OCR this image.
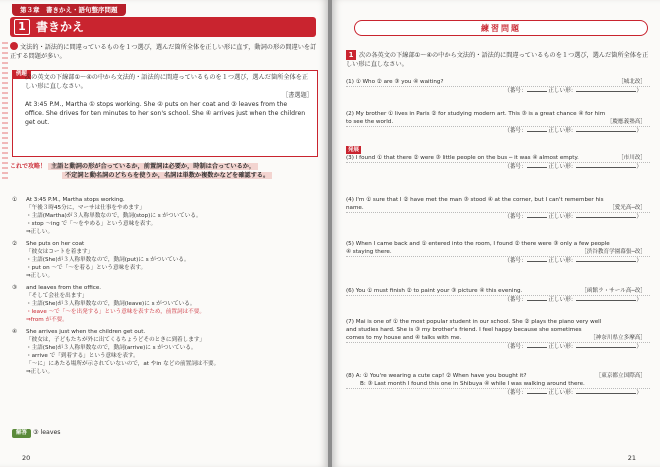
第３章　書きかえ・語句整序問題
1 書きかえ
文法的・語法的に間違っているものを１つ選び，選んだ箇所全体を正しい形に直す，動詞の形の間違いを訂正する問題が多い。
例題
次の英文の下線部①～④の中から文法的・語法的に間違っているものを１つ選び，選んだ箇所全体を正しい形に直しなさい。
［書選題］
At 3:45 P.M., Martha ① stops working. She ② puts on her coat and ③ leaves from the
office. She drives for ten minutes to her son's school. She ④ arrives just when the children
get out.
これで攻略！ 主語と動詞の形が合っているか，前置詞は必要か，時制は合っているか，
不定詞と動名詞のどちらを使うか，名詞は単数か複数かなどを確認する。
① At 3:45 P.M., Martha stops working.
「午後３時45分に，マーサは仕事をやめます」
・主語(Martha)が３人称単数なので，動詞(stop)に s がついている。
・stop ～ing で「～をやめる」という意味を表す。
⇒正しい。
② She puts on her coat
「彼女はコートを着ます」
・主語(She)が３人称単数なので，動詞(put)に s がついている。
・put on ～で「～を着る」という意味を表す。
⇒正しい。
③ and leaves from the office.
「そして会社を出ます」
・主語(She)が３人称単数なので，動詞(leave)に s がついている。
・leave ～で「～を出発する」という意味を表すため，前置詞は不要。
⇒from が不要。
④ She arrives just when the children get out.
「彼女は，子どもたちが外に出てくるちょうどそのときに到着します」
・主語(She)が３人称単数なので，動詞(arrive)に s がついている。
・arrive で「到着する」という意味を表す。
「～に」にあたる場所が示されていないので，at やin などの前置詞は不要。
⇒正しい。
解答 ③ leaves
20
練習問題
1 次の各英文の下線部①～④の中から文法的・語法的に間違っているものを１つ選び，選んだ箇所全体を正しい形に直しなさい。
(1) ① Who ② are ③ you ④ waiting?	［城北改］
（番号：	正しい形：	）
(2) My brother ① lives in Paris ② for studying modern art. This ③ is a great chance ④ for him
to see the world.	［慶應義塾高］
（番号：	正しい形：	）
発展
(3) I found ① that there ② were ③ little people on the bus ─ it was ④ almost empty.	［市川改］
（番号：	正しい形：	）
(4) I'm ① sure that I ② have met the man ③ stood ④ at the corner, but I can't remember his
name.	［愛光高─改］
（番号：	正しい形：	）
(5) When I came back and ① entered into the room, I found ② there were ③ only a few people
④ staying there.	［渋谷教育学園幕張─改］
（番号：	正しい形：	）
(6) You ① must finish ② to paint your ③ picture ④ this evening.	［函館ラ・サール高─改］
（番号：	正しい形：	）
(7) Mai is one of ① the most popular student in our school. She ② plays the piano very well
and studies hard. She is ③ my brother's friend. I feel happy because she sometimes
comes to my house and ④ talks with me.	［神奈川県立多摩高］
（番号：	正しい形：	）
(8) A: ① You're wearing a cute cap! ② When have you bought it?	［東京都立国際高］
B: ③ Last month I found this one in Shibuya ④ while I was walking around there.
（番号：	正しい形：	）
21
